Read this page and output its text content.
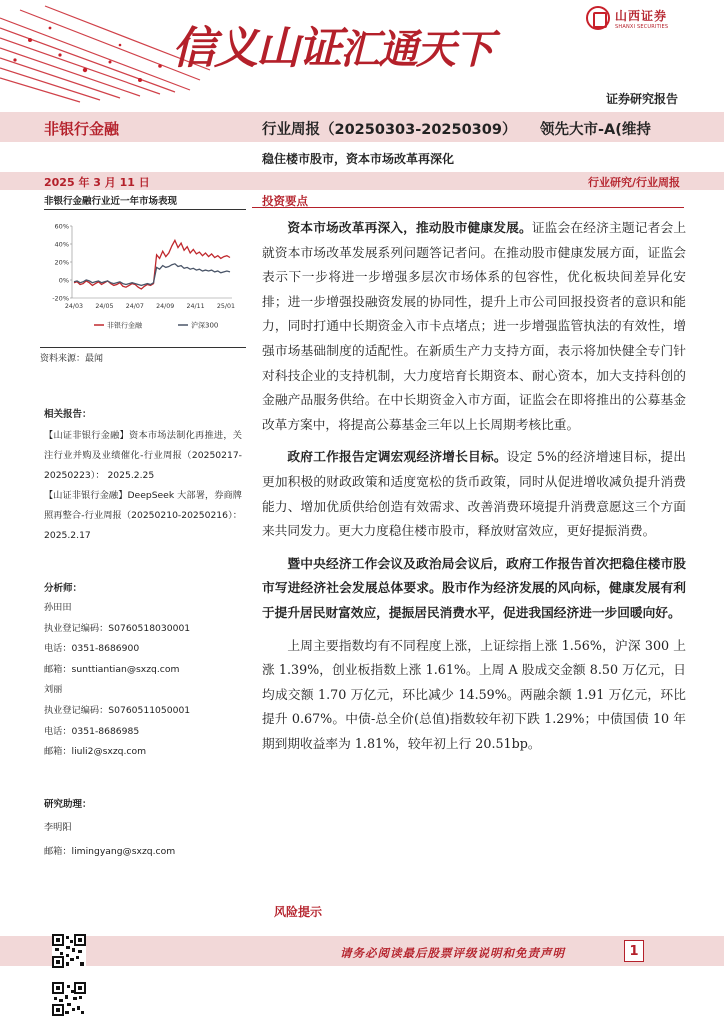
信义山证汇通天下
山西证券
SHANXI SECURITIES
证券研究报告
非银行金融	行业周报（20250303-20250309） 领先大市-A(维持
稳住楼市股市，资本市场改革再深化
2025 年 3 月 11 日	行业研究/行业周报
非银行金融行业近一年市场表现
60%
40%
20%
0%
-20%
24/03 24/05 24/07 24/09 24/11 25/01
非银行金融	沪深300
资料来源：最闻
相关报告：

【山证非银行金融】资本市场法制化再推进，关注行业并购及业绩催化-行业周报（20250217-20250223）： 2025.2.25

【山证非银行金融】DeepSeek 大部署，券商牌照再整合-行业周报（20250210-20250216）： 2025.2.17

分析师：
孙田田
执业登记编码：S0760518030001
电话：0351-8686900
邮箱：sunttiantian@sxzq.com
刘丽
执业登记编码：S0760511050001
电话：0351-8686985
邮箱：liuli2@sxzq.com
研究助理：
李明阳
邮箱：limingyang@sxzq.com
投资要点

资本市场改革再深入，推动股市健康发展。证监会在经济主题记者会上就资本市场改革发展系列问题答记者问。在推动股市健康发展方面，证监会表示下一步将进一步增强多层次市场体系的包容性，优化板块间差异化安排；进一步增强投融资发展的协同性，提升上市公司回报投资者的意识和能力，同时打通中长期资金入市卡点堵点；进一步增强监管执法的有效性，增强市场基础制度的适配性。在新质生产力支持方面，表示将加快健全专门针对科技企业的支持机制，大力度培育长期资本、耐心资本，加大支持科创的金融产品服务供给。在中长期资金入市方面，证监会在即将推出的公募基金改革方案中，将提高公募基金三年以上长周期考核比重。

政府工作报告定调宏观经济增长目标。设定 5%的经济增速目标，提出更加积极的财政政策和适度宽松的货币政策，同时从促进增收减负提升消费能力、增加优质供给创造有效需求、改善消费环境提升消费意愿这三个方面来共同发力。更大力度稳住楼市股市，释放财富效应，更好提振消费。

暨中央经济工作会议及政治局会议后，政府工作报告首次把稳住楼市股市写进经济社会发展总体要求。股市作为经济发展的风向标，健康发展有利于提升居民财富效应，提振居民消费水平，促进我国经济进一步回暖向好。

上周主要指数均有不同程度上涨，上证综指上涨 1.56%，沪深 300 上涨 1.39%，创业板指数上涨 1.61%。上周 A 股成交金额 8.50 万亿元，日均成交额 1.70 万亿元，环比减少 14.59%。两融余额 1.91 万亿元，环比提升 0.67%。中债-总全价(总值)指数较年初下跌 1.29%；中债国债 10 年期到期收益率为 1.81%，较年初上行 20.51bp。

风险提示
请务必阅读最后股票评级说明和免责声明	1
